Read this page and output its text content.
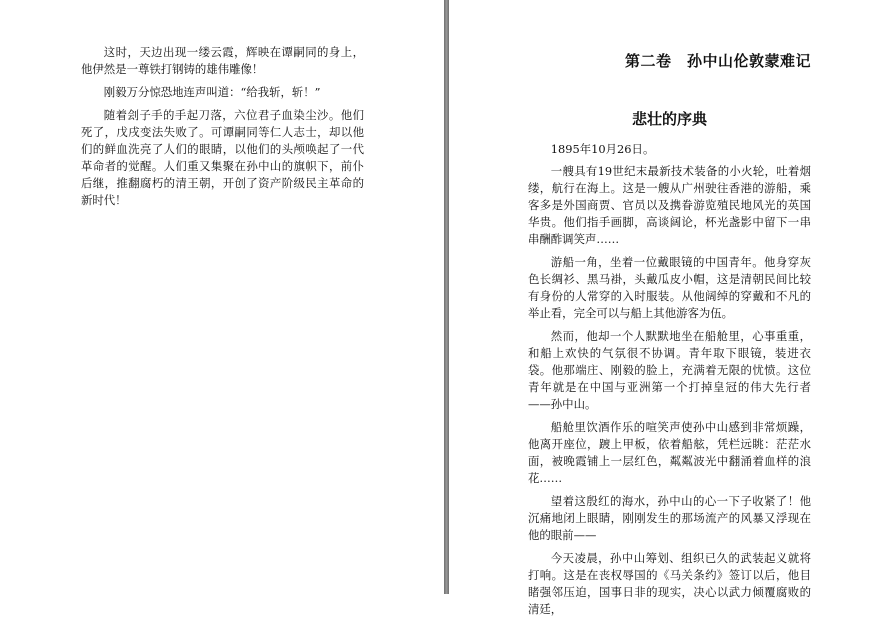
这时，天边出现一缕云霞，辉映在谭嗣同的身上，他伊然是一尊铁打钢铸的雄伟雕像！

刚毅万分惊恐地连声叫道：“给我斩，斩！”

随着刽子手的手起刀落，六位君子血染尘沙。他们死了，戊戌变法失败了。可谭嗣同等仁人志士，却以他们的鲜血洗亮了人们的眼睛，以他们的头颅唤起了一代革命者的觉醒。人们重又集聚在孙中山的旗帜下，前仆后继，推翻腐朽的清王朝，开创了资产阶级民主革命的新时代！

第二卷　孙中山伦敦蒙难记
悲壮的序典

1895年10月26日。

一艘具有19世纪末最新技术装备的小火轮，吐着烟缕，航行在海上。这是一艘从广州驶往香港的游船，乘客多是外国商贾、官员以及携眷游览殖民地风光的英国华贵。他们指手画脚，高谈阔论，杯光盏影中留下一串串酬酢调笑声……

游船一角，坐着一位戴眼镜的中国青年。他身穿灰色长绸衫、黑马褂，头戴瓜皮小帽，这是清朝民间比较有身份的人常穿的入时服装。从他阔绰的穿戴和不凡的举止看，完全可以与船上其他游客为伍。

然而，他却一个人默默地坐在船舱里，心事重重，和船上欢快的气氛很不协调。青年取下眼镜，装进衣袋。他那端庄、刚毅的脸上，充满着无限的忧愤。这位青年就是在中国与亚洲第一个打掉皇冠的伟大先行者——孙中山。

船舱里饮酒作乐的喧笑声使孙中山感到非常烦躁，他离开座位，踱上甲板，依着船舷，凭栏远眺：茫茫水面，被晚霞铺上一层红色，粼粼波光中翻涌着血样的浪花……

望着这殷红的海水，孙中山的心一下子收紧了！他沉痛地闭上眼睛，刚刚发生的那场流产的风暴又浮现在他的眼前——

今天凌晨，孙中山筹划、组织已久的武装起义就将打响。这是在丧权辱国的《马关条约》签订以后，他目睹强邻压迫，国事日非的现实，决心以武力倾覆腐败的清廷，
